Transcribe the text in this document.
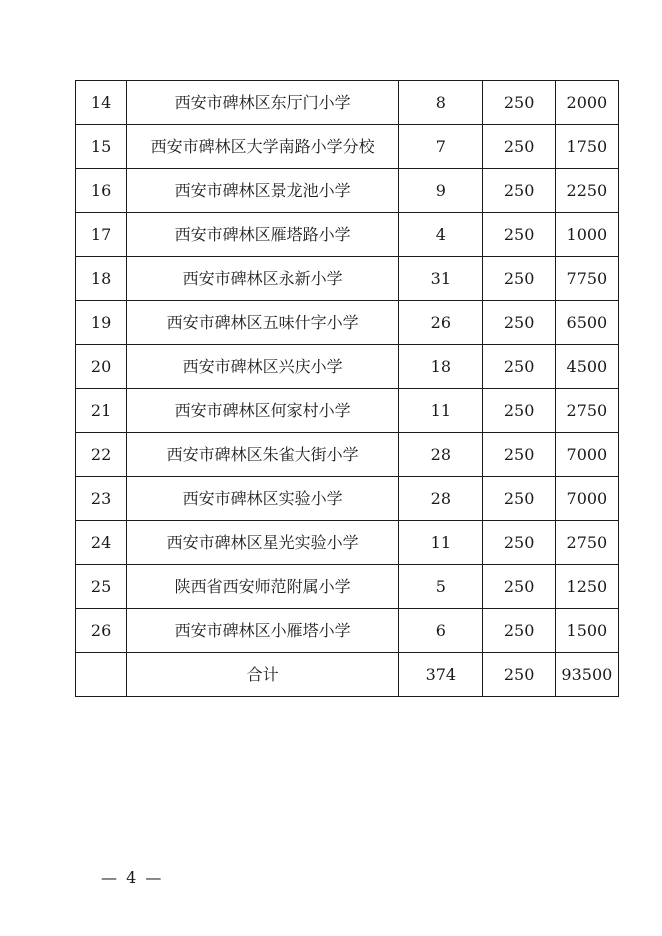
14	西安市碑林区东厅门小学	8	250	2000
15	西安市碑林区大学南路小学分校	7	250	1750
16	西安市碑林区景龙池小学	9	250	2250
17	西安市碑林区雁塔路小学	4	250	1000
18	西安市碑林区永新小学	31	250	7750
19	西安市碑林区五味什字小学	26	250	6500
20	西安市碑林区兴庆小学	18	250	4500
21	西安市碑林区何家村小学	11	250	2750
22	西安市碑林区朱雀大街小学	28	250	7000
23	西安市碑林区实验小学	28	250	7000
24	西安市碑林区星光实验小学	11	250	2750
25	陕西省西安师范附属小学	5	250	1250
26	西安市碑林区小雁塔小学	6	250	1500
	合计	374	250	93500
— 4 —
